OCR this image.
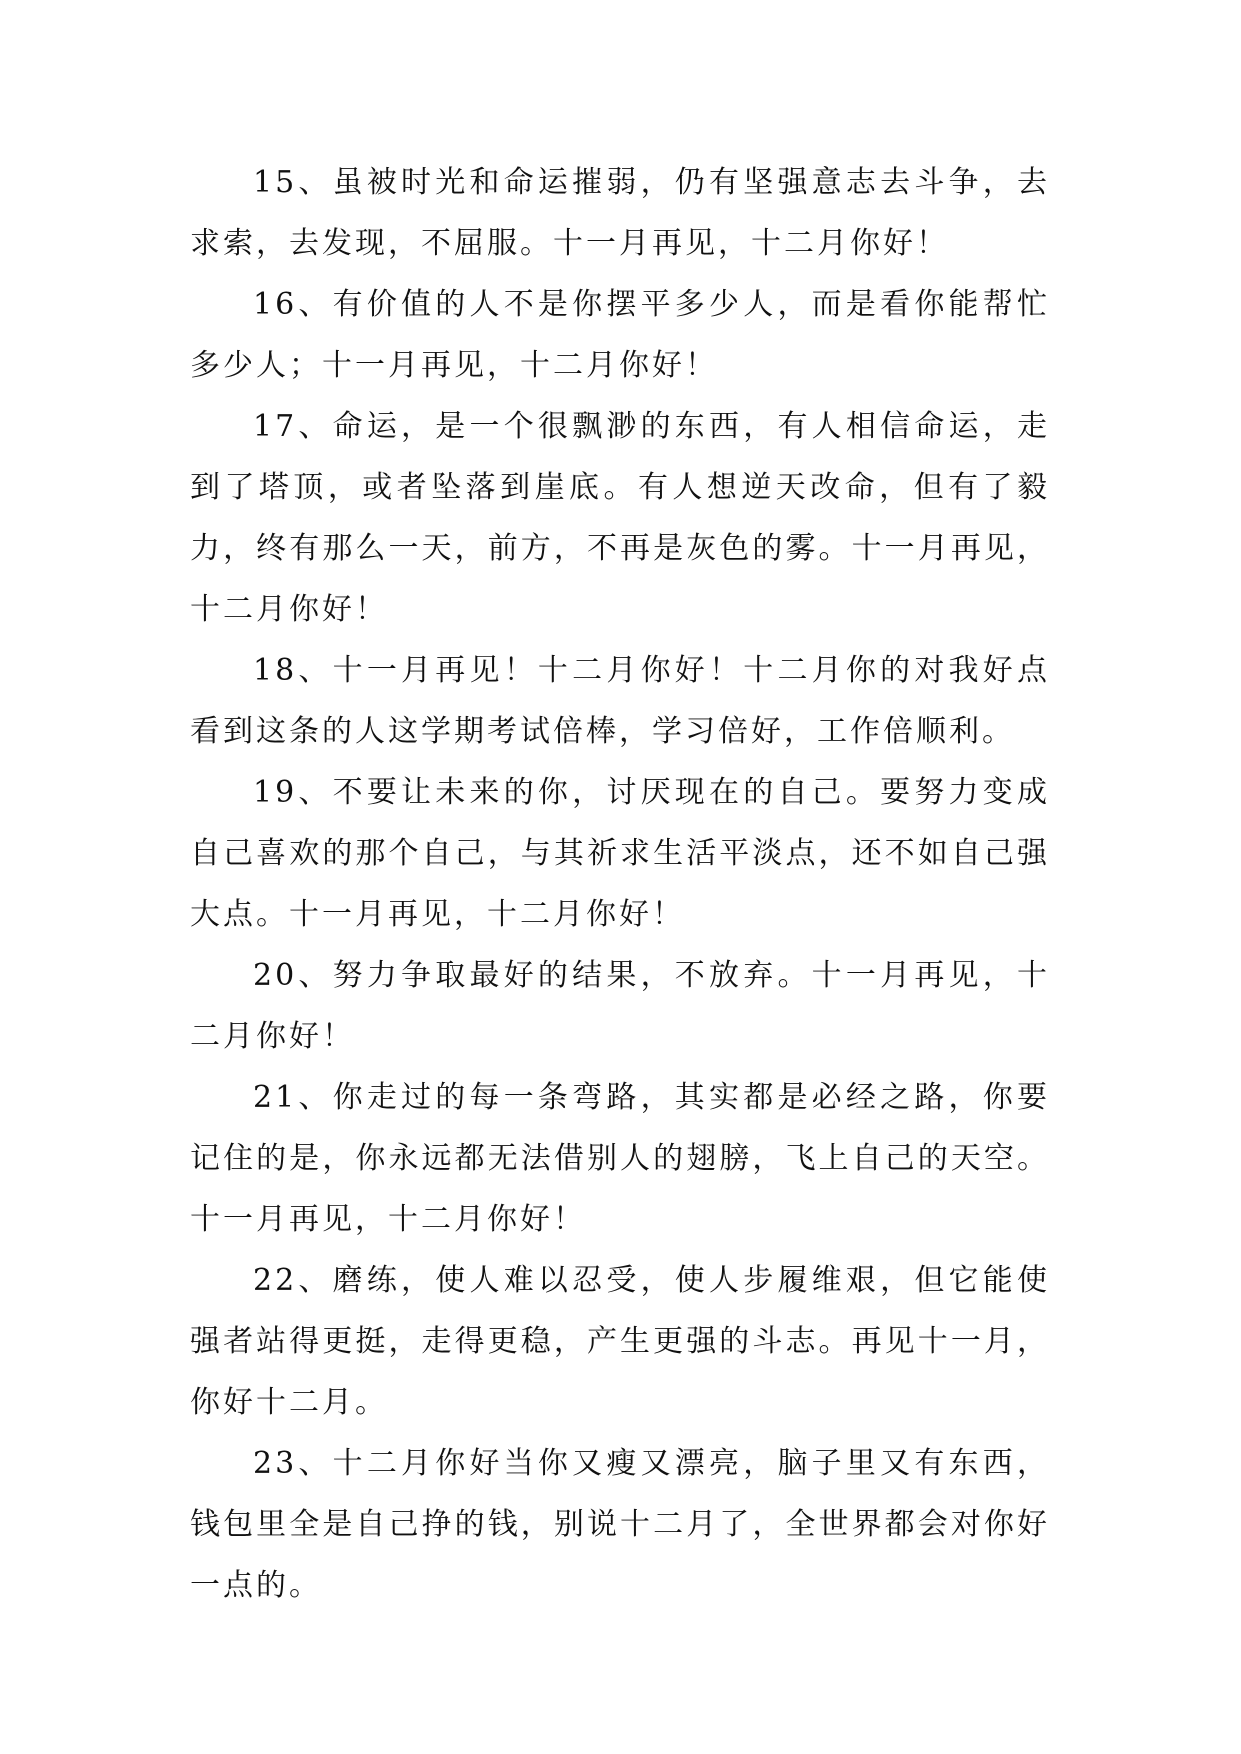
15、虽被时光和命运摧弱，仍有坚强意志去斗争，去求索，去发现，不屈服。十一月再见，十二月你好！

16、有价值的人不是你摆平多少人，而是看你能帮忙多少人；十一月再见，十二月你好！

17、命运，是一个很飘渺的东西，有人相信命运，走到了塔顶，或者坠落到崖底。有人想逆天改命，但有了毅力，终有那么一天，前方，不再是灰色的雾。十一月再见，十二月你好！

18、十一月再见！十二月你好！十二月你的对我好点看到这条的人这学期考试倍棒，学习倍好，工作倍顺利。

19、不要让未来的你，讨厌现在的自己。要努力变成自己喜欢的那个自己，与其祈求生活平淡点，还不如自己强大点。十一月再见，十二月你好！

20、努力争取最好的结果，不放弃。十一月再见，十二月你好！

21、你走过的每一条弯路，其实都是必经之路，你要记住的是，你永远都无法借别人的翅膀，飞上自己的天空。十一月再见，十二月你好！

22、磨练，使人难以忍受，使人步履维艰，但它能使强者站得更挺，走得更稳，产生更强的斗志。再见十一月，你好十二月。

23、十二月你好当你又瘦又漂亮，脑子里又有东西，钱包里全是自己挣的钱，别说十二月了，全世界都会对你好一点的。
